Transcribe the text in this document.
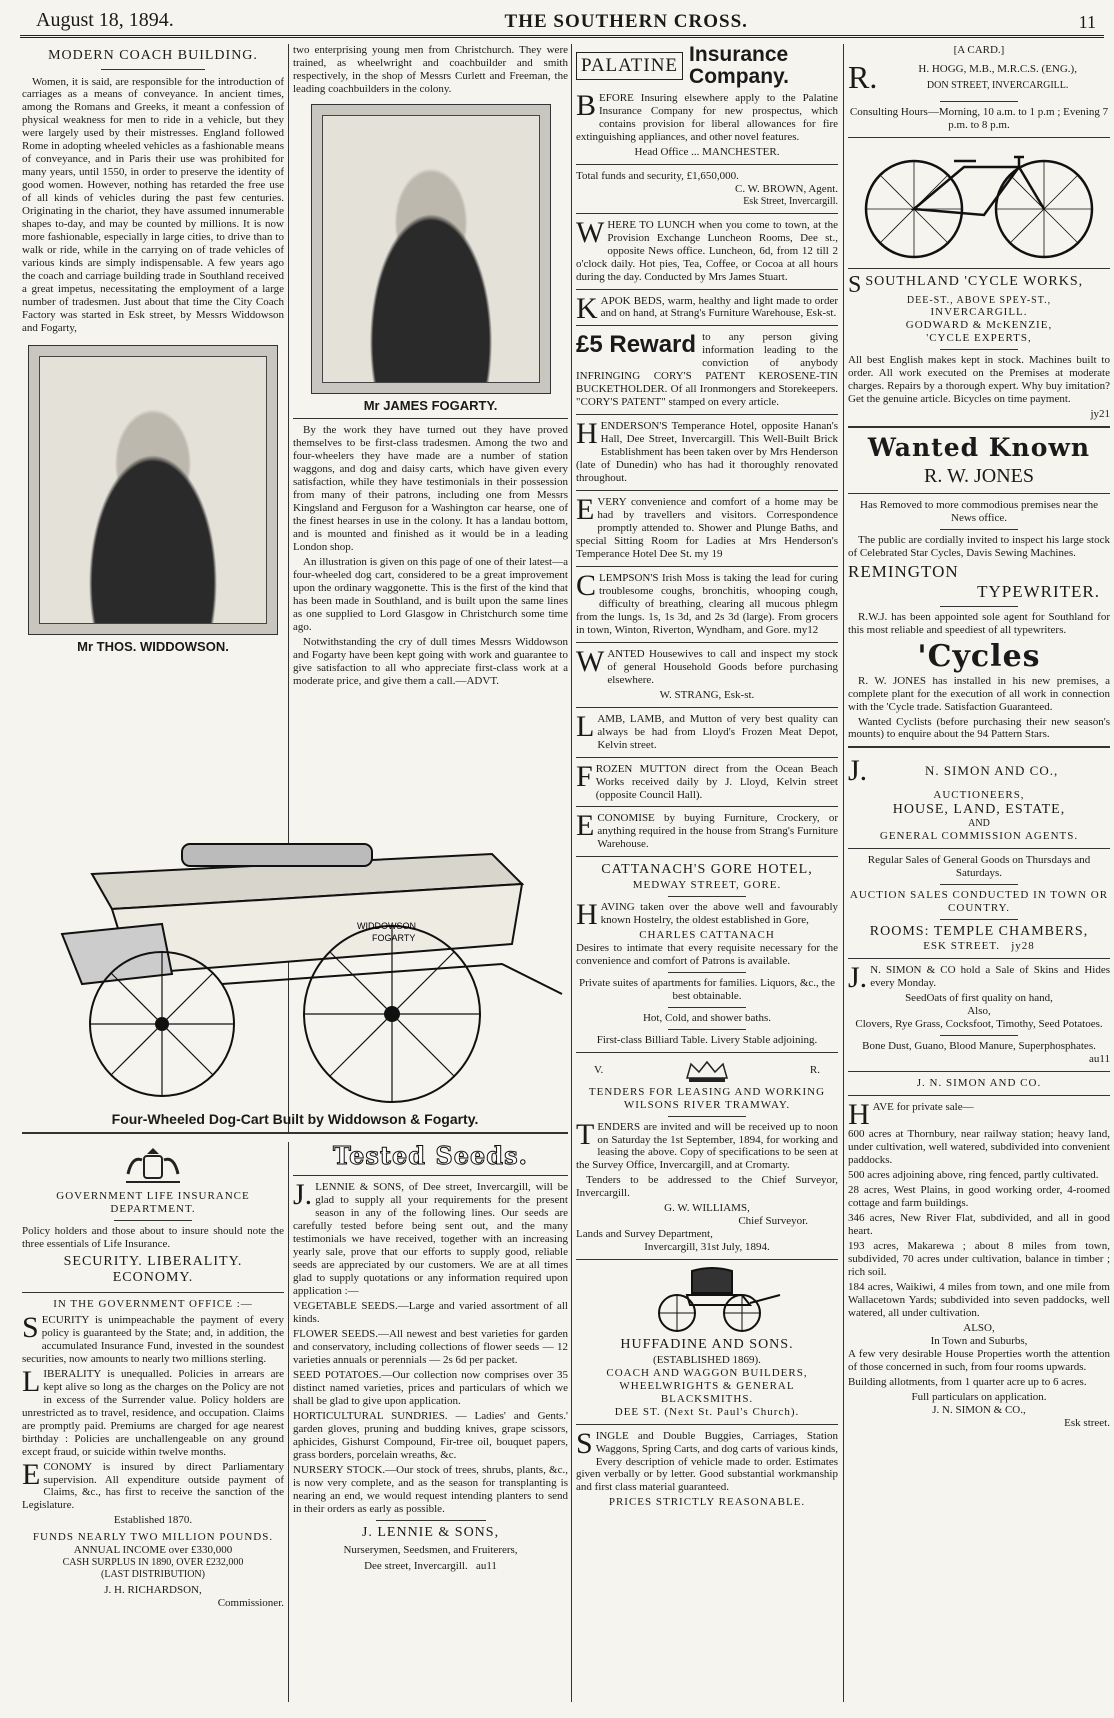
August 18, 1894.	THE SOUTHERN CROSS.	11
MODERN COACH BUILDING.

Women, it is said, are responsible for the introduction of carriages as a means of conveyance. In ancient times, among the Romans and Greeks, it meant a confession of physical weakness for men to ride in a vehicle, but they were largely used by their mistresses. England followed Rome in adopting wheeled vehicles as a fashionable means of conveyance, and in Paris their use was prohibited for many years, until 1550, in order to preserve the identity of good women. However, nothing has retarded the free use of all kinds of vehicles during the past few centuries. Originating in the chariot, they have assumed innumerable shapes to-day, and may be counted by millions. It is now more fashionable, especially in large cities, to drive than to walk or ride, while in the carrying on of trade vehicles of various kinds are simply indispensable. A few years ago the coach and carriage building trade in Southland received a great impetus, necessitating the employment of a large number of tradesmen. Just about that time the City Coach Factory was started in Esk street, by Messrs Widdowson and Fogarty,

Mr THOS. WIDDOWSON.

two enterprising young men from Christchurch. They were trained, as wheelwright and coachbuilder and smith respectively, in the shop of Messrs Curlett and Freeman, the leading coachbuilders in the colony.

Mr JAMES FOGARTY.

By the work they have turned out they have proved themselves to be first-class tradesmen. Among the two and four-wheelers they have made are a number of station waggons, and dog and daisy carts, which have given every satisfaction, while they have testimonials in their possession from many of their patrons, including one from Messrs Kingsland and Ferguson for a Washington car hearse, one of the finest hearses in use in the colony. It has a landau bottom, and is mounted and finished as it would be in a leading London shop.

An illustration is given on this page of one of their latest—a four-wheeled dog cart, considered to be a great improvement upon the ordinary waggonette. This is the first of the kind that has been made in Southland, and is built upon the same lines as one supplied to Lord Glasgow in Christchurch some time ago.

Notwithstanding the cry of dull times Messrs Widdowson and Fogarty have been kept going with work and guarantee to give satisfaction to all who appreciate first-class work at a moderate price, and give them a call.—ADVT.

WIDDOWSON
FOGARTY
Four-Wheeled Dog-Cart Built by Widdowson & Fogarty.
GOVERNMENT LIFE INSURANCE DEPARTMENT.

Policy holders and those about to insure should note the three essentials of Life Insurance.

SECURITY. LIBERALITY. ECONOMY.
IN THE GOVERNMENT OFFICE :—

SECURITY is unimpeachable the payment of every policy is guaranteed by the State; and, in addition, the accumulated Insurance Fund, invested in the soundest securities, now amounts to nearly two millions sterling.

LIBERALITY is unequalled. Policies in arrears are kept alive so long as the charges on the Policy are not in excess of the Surrender value. Policy holders are unrestricted as to travel, residence, and occupation. Claims are promptly paid. Premiums are charged for age nearest birthday : Policies are unchallengeable on any ground except fraud, or suicide within twelve months.

ECONOMY is insured by direct Parliamentary supervision. All expenditure outside payment of Claims, &c., has first to receive the sanction of the Legislature.

Established 1870.
FUNDS NEARLY TWO MILLION POUNDS.
ANNUAL INCOME over £330,000
CASH SURPLUS IN 1890, OVER £232,000
(LAST DISTRIBUTION)
J. H. RICHARDSON,
Commissioner.
Tested Seeds.

J. LENNIE & SONS, of Dee street, Invercargill, will be glad to supply all your requirements for the present season in any of the following lines. Our seeds are carefully tested before being sent out, and the many testimonials we have received, together with an increasing yearly sale, prove that our efforts to supply good, reliable seeds are appreciated by our customers. We are at all times glad to supply quotations or any information required upon application :—

VEGETABLE SEEDS.—Large and varied assortment of all kinds.

FLOWER SEEDS.—All newest and best varieties for garden and conservatory, including collections of flower seeds — 12 varieties annuals or perennials — 2s 6d per packet.

SEED POTATOES.—Our collection now comprises over 35 distinct named varieties, prices and particulars of which we shall be glad to give upon application.

HORTICULTURAL SUNDRIES. — Ladies' and Gents.' garden gloves, pruning and budding knives, grape scissors, aphicides, Gishurst Compound, Fir-tree oil, bouquet papers, grass borders, porcelain wreaths, &c.

NURSERY STOCK.—Our stock of trees, shrubs, plants, &c., is now very complete, and as the season for transplanting is nearing an end, we would request intending planters to send in their orders as early as possible.

J. LENNIE & SONS,
Nurserymen, Seedsmen, and Fruiterers,
Dee street, Invercargill. au11
PALATINE Insurance
Company.

BEFORE Insuring elsewhere apply to the Palatine Insurance Company for new prospectus, which contains provision for liberal allowances for fire extinguishing appliances, and other novel features.

Head Office ... MANCHESTER.
Total funds and security, £1,650,000.
C. W. BROWN, Agent.
Esk Street, Invercargill.

WHERE TO LUNCH when you come to town, at the Provision Exchange Luncheon Rooms, Dee st., opposite News office. Luncheon, 6d, from 12 till 2 o'clock daily. Hot pies, Tea, Coffee, or Cocoa at all hours during the day. Conducted by Mrs James Stuart.

KAPOK BEDS, warm, healthy and light made to order and on hand, at Strang's Furniture Warehouse, Esk-st.

£5 Reward to any person giving information leading to the conviction of anybody INFRINGING CORY'S PATENT KEROSENE-TIN BUCKETHOLDER. Of all Ironmongers and Storekeepers. "CORY'S PATENT" stamped on every article.

HENDERSON'S Temperance Hotel, opposite Hanan's Hall, Dee Street, Invercargill. This Well-Built Brick Establishment has been taken over by Mrs Henderson (late of Dunedin) who has had it thoroughly renovated throughout.

EVERY convenience and comfort of a home may be had by travellers and visitors. Correspondence promptly attended to. Shower and Plunge Baths, and special Sitting Room for Ladies at Mrs Henderson's Temperance Hotel Dee St. my 19

CLEMPSON'S Irish Moss is taking the lead for curing troublesome coughs, bronchitis, whooping cough, difficulty of breathing, clearing all mucous phlegm from the lungs. 1s, 1s 3d, and 2s 3d (large). From grocers in town, Winton, Riverton, Wyndham, and Gore. my12

WANTED Housewives to call and inspect my stock of general Household Goods before purchasing elsewhere.

W. STRANG, Esk-st.

LAMB, LAMB, and Mutton of very best quality can always be had from Lloyd's Frozen Meat Depot, Kelvin street.

FROZEN MUTTON direct from the Ocean Beach Works received daily by J. Lloyd, Kelvin street (opposite Council Hall).

ECONOMISE by buying Furniture, Crockery, or anything required in the house from Strang's Furniture Warehouse.

CATTANACH'S GORE HOTEL,
MEDWAY STREET, GORE.

HAVING taken over the above well and favourably known Hostelry, the oldest established in Gore,

CHARLES CATTANACH

Desires to intimate that every requisite necessary for the convenience and comfort of Patrons is available.

Private suites of apartments for families. Liquors, &c., the best obtainable.
Hot, Cold, and shower baths.
First-class Billiard Table. Livery Stable adjoining.
V.	R.
TENDERS FOR LEASING AND WORKING WILSONS RIVER TRAMWAY.

TENDERS are invited and will be received up to noon on Saturday the 1st September, 1894, for working and leasing the above. Copy of specifications to be seen at the Survey Office, Invercargill, and at Cromarty.

Tenders to be addressed to the Chief Surveyor, Invercargill.

G. W. WILLIAMS,
Chief Surveyor.
Lands and Survey Department,
Invercargill, 31st July, 1894.
HUFFADINE AND SONS.
(ESTABLISHED 1869).
COACH AND WAGGON BUILDERS, WHEELWRIGHTS & GENERAL BLACKSMITHS.
DEE ST. (Next St. Paul's Church).

SINGLE and Double Buggies, Carriages, Station Waggons, Spring Carts, and dog carts of various kinds, Every description of vehicle made to order. Estimates given verbally or by letter. Good substantial workmanship and first class material guaranteed.

PRICES STRICTLY REASONABLE.
[A CARD.]
R.	H. HOGG, M.B., M.R.C.S. (ENG.),
DON STREET, INVERCARGILL.

Consulting Hours—Morning, 10 a.m. to 1 p.m ; Evening 7 p.m. to 8 p.m.

SSOUTHLAND 'CYCLE WORKS,
DEE-ST., ABOVE SPEY-ST.,
INVERCARGILL.
GODWARD & McKENZIE,
'CYCLE EXPERTS,

All best English makes kept in stock. Machines built to order. All work executed on the Premises at moderate charges. Repairs by a thorough expert. Why buy imitation? Get the genuine article. Bicycles on time payment.

jy21
Wanted Known
R. W. JONES

Has Removed to more commodious premises near the News office.

The public are cordially invited to inspect his large stock of Celebrated Star Cycles, Davis Sewing Machines.

REMINGTON
TYPEWRITER.

R.W.J. has been appointed sole agent for Southland for this most reliable and speediest of all typewriters.

'Cycles

R. W. JONES has installed in his new premises, a complete plant for the execution of all work in connection with the 'Cycle trade. Satisfaction Guaranteed.

Wanted Cyclists (before purchasing their new season's mounts) to enquire about the 94 Pattern Stars.

J.	N. SIMON AND CO.,
AUCTIONEERS,
HOUSE, LAND, ESTATE,
AND
GENERAL COMMISSION AGENTS.

Regular Sales of General Goods on Thursdays and Saturdays.

AUCTION SALES CONDUCTED IN TOWN OR COUNTRY.
ROOMS: TEMPLE CHAMBERS,
ESK STREET. jy28

J. N. SIMON & CO hold a Sale of Skins and Hides every Monday.

SeedOats of first quality on hand,
Also,
Clovers, Rye Grass, Cocksfoot, Timothy, Seed Potatoes.
Bone Dust, Guano, Blood Manure, Superphosphates.
au11
J. N. SIMON AND CO.

HAVE for private sale—

600 acres at Thornbury, near railway station; heavy land, under cultivation, well watered, subdivided into convenient paddocks.
500 acres adjoining above, ring fenced, partly cultivated.
28 acres, West Plains, in good working order, 4-roomed cottage and farm buildings.
346 acres, New River Flat, subdivided, and all in good heart.
193 acres, Makarewa ; about 8 miles from town, subdivided, 70 acres under cultivation, balance in timber ; rich soil.
184 acres, Waikiwi, 4 miles from town, and one mile from Wallacetown Yards; subdivided into seven paddocks, well watered, all under cultivation.
ALSO,
In Town and Suburbs,

A few very desirable House Properties worth the attention of those concerned in such, from four rooms upwards.

Building allotments, from 1 quarter acre up to 6 acres.

Full particulars on application.
J. N. SIMON & CO.,
Esk street.
